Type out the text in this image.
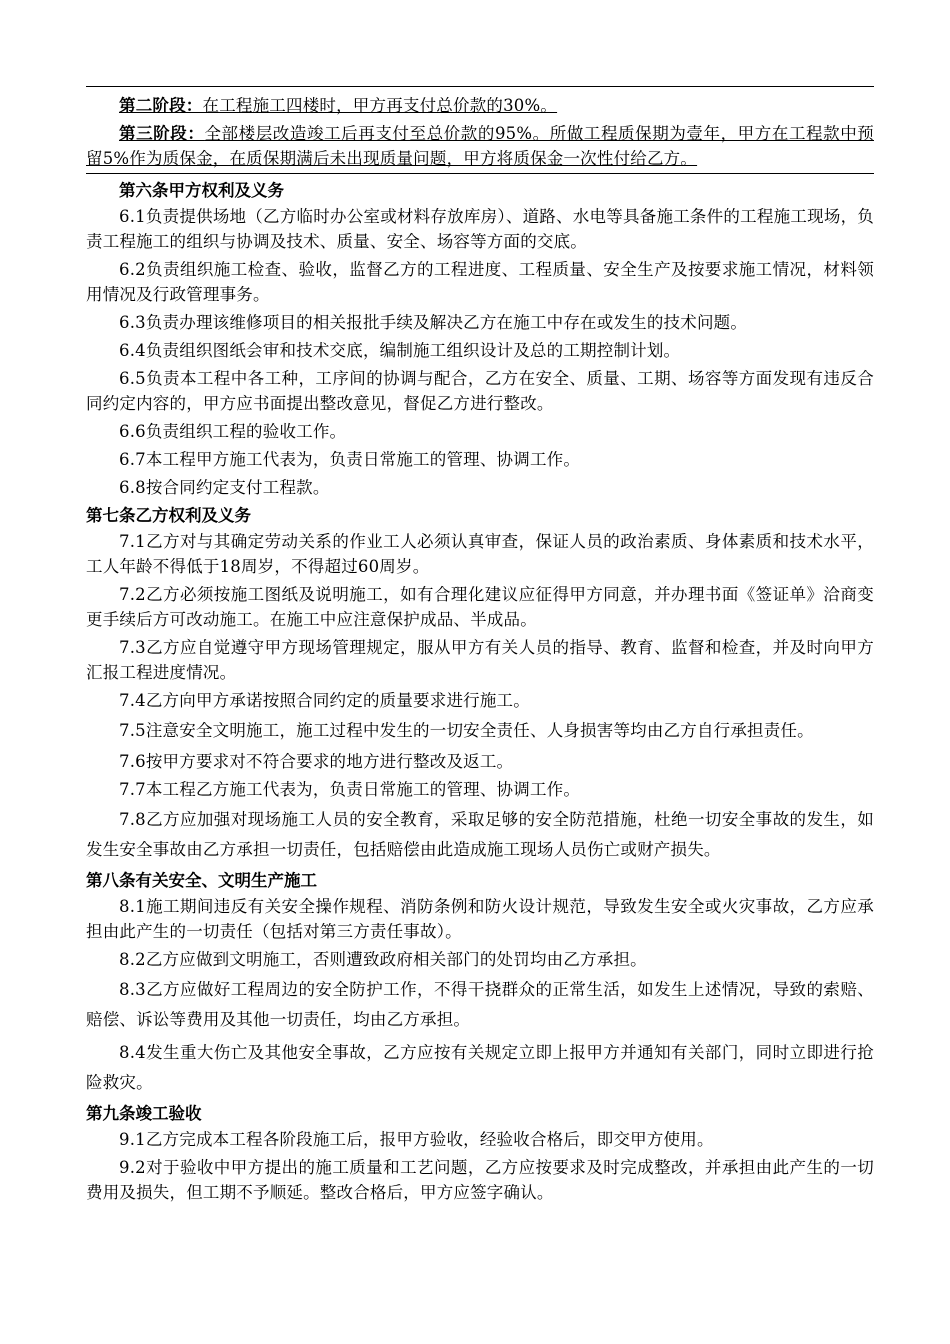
第二阶段：在工程施工四楼时，甲方再支付总价款的30%。

第三阶段：全部楼层改造竣工后再支付至总价款的95%。所做工程质保期为壹年，甲方在工程款中预留5%作为质保金，在质保期满后未出现质量问题，甲方将质保金一次性付给乙方。

第六条甲方权利及义务

6.1负责提供场地（乙方临时办公室或材料存放库房）、道路、水电等具备施工条件的工程施工现场，负责工程施工的组织与协调及技术、质量、安全、场容等方面的交底。

6.2负责组织施工检查、验收，监督乙方的工程进度、工程质量、安全生产及按要求施工情况，材料领用情况及行政管理事务。

6.3负责办理该维修项目的相关报批手续及解决乙方在施工中存在或发生的技术问题。

6.4负责组织图纸会审和技术交底，编制施工组织设计及总的工期控制计划。

6.5负责本工程中各工种，工序间的协调与配合，乙方在安全、质量、工期、场容等方面发现有违反合同约定内容的，甲方应书面提出整改意见，督促乙方进行整改。

6.6负责组织工程的验收工作。

6.7本工程甲方施工代表为，负责日常施工的管理、协调工作。

6.8按合同约定支付工程款。

第七条乙方权利及义务

7.1乙方对与其确定劳动关系的作业工人必须认真审查，保证人员的政治素质、身体素质和技术水平，工人年龄不得低于18周岁，不得超过60周岁。

7.2乙方必须按施工图纸及说明施工，如有合理化建议应征得甲方同意，并办理书面《签证单》洽商变更手续后方可改动施工。在施工中应注意保护成品、半成品。

7.3乙方应自觉遵守甲方现场管理规定，服从甲方有关人员的指导、教育、监督和检查，并及时向甲方汇报工程进度情况。

7.4乙方向甲方承诺按照合同约定的质量要求进行施工。

7.5注意安全文明施工，施工过程中发生的一切安全责任、人身损害等均由乙方自行承担责任。

7.6按甲方要求对不符合要求的地方进行整改及返工。

7.7本工程乙方施工代表为，负责日常施工的管理、协调工作。

7.8乙方应加强对现场施工人员的安全教育，采取足够的安全防范措施，杜绝一切安全事故的发生，如发生安全事故由乙方承担一切责任，包括赔偿由此造成施工现场人员伤亡或财产损失。

第八条有关安全、文明生产施工

8.1施工期间违反有关安全操作规程、消防条例和防火设计规范，导致发生安全或火灾事故，乙方应承担由此产生的一切责任（包括对第三方责任事故）。

8.2乙方应做到文明施工，否则遭致政府相关部门的处罚均由乙方承担。

8.3乙方应做好工程周边的安全防护工作，不得干挠群众的正常生活，如发生上述情况，导致的索赔、赔偿、诉讼等费用及其他一切责任，均由乙方承担。

8.4发生重大伤亡及其他安全事故，乙方应按有关规定立即上报甲方并通知有关部门，同时立即进行抢险救灾。

第九条竣工验收

9.1乙方完成本工程各阶段施工后，报甲方验收，经验收合格后，即交甲方使用。

9.2对于验收中甲方提出的施工质量和工艺问题，乙方应按要求及时完成整改，并承担由此产生的一切费用及损失，但工期不予顺延。整改合格后，甲方应签字确认。
